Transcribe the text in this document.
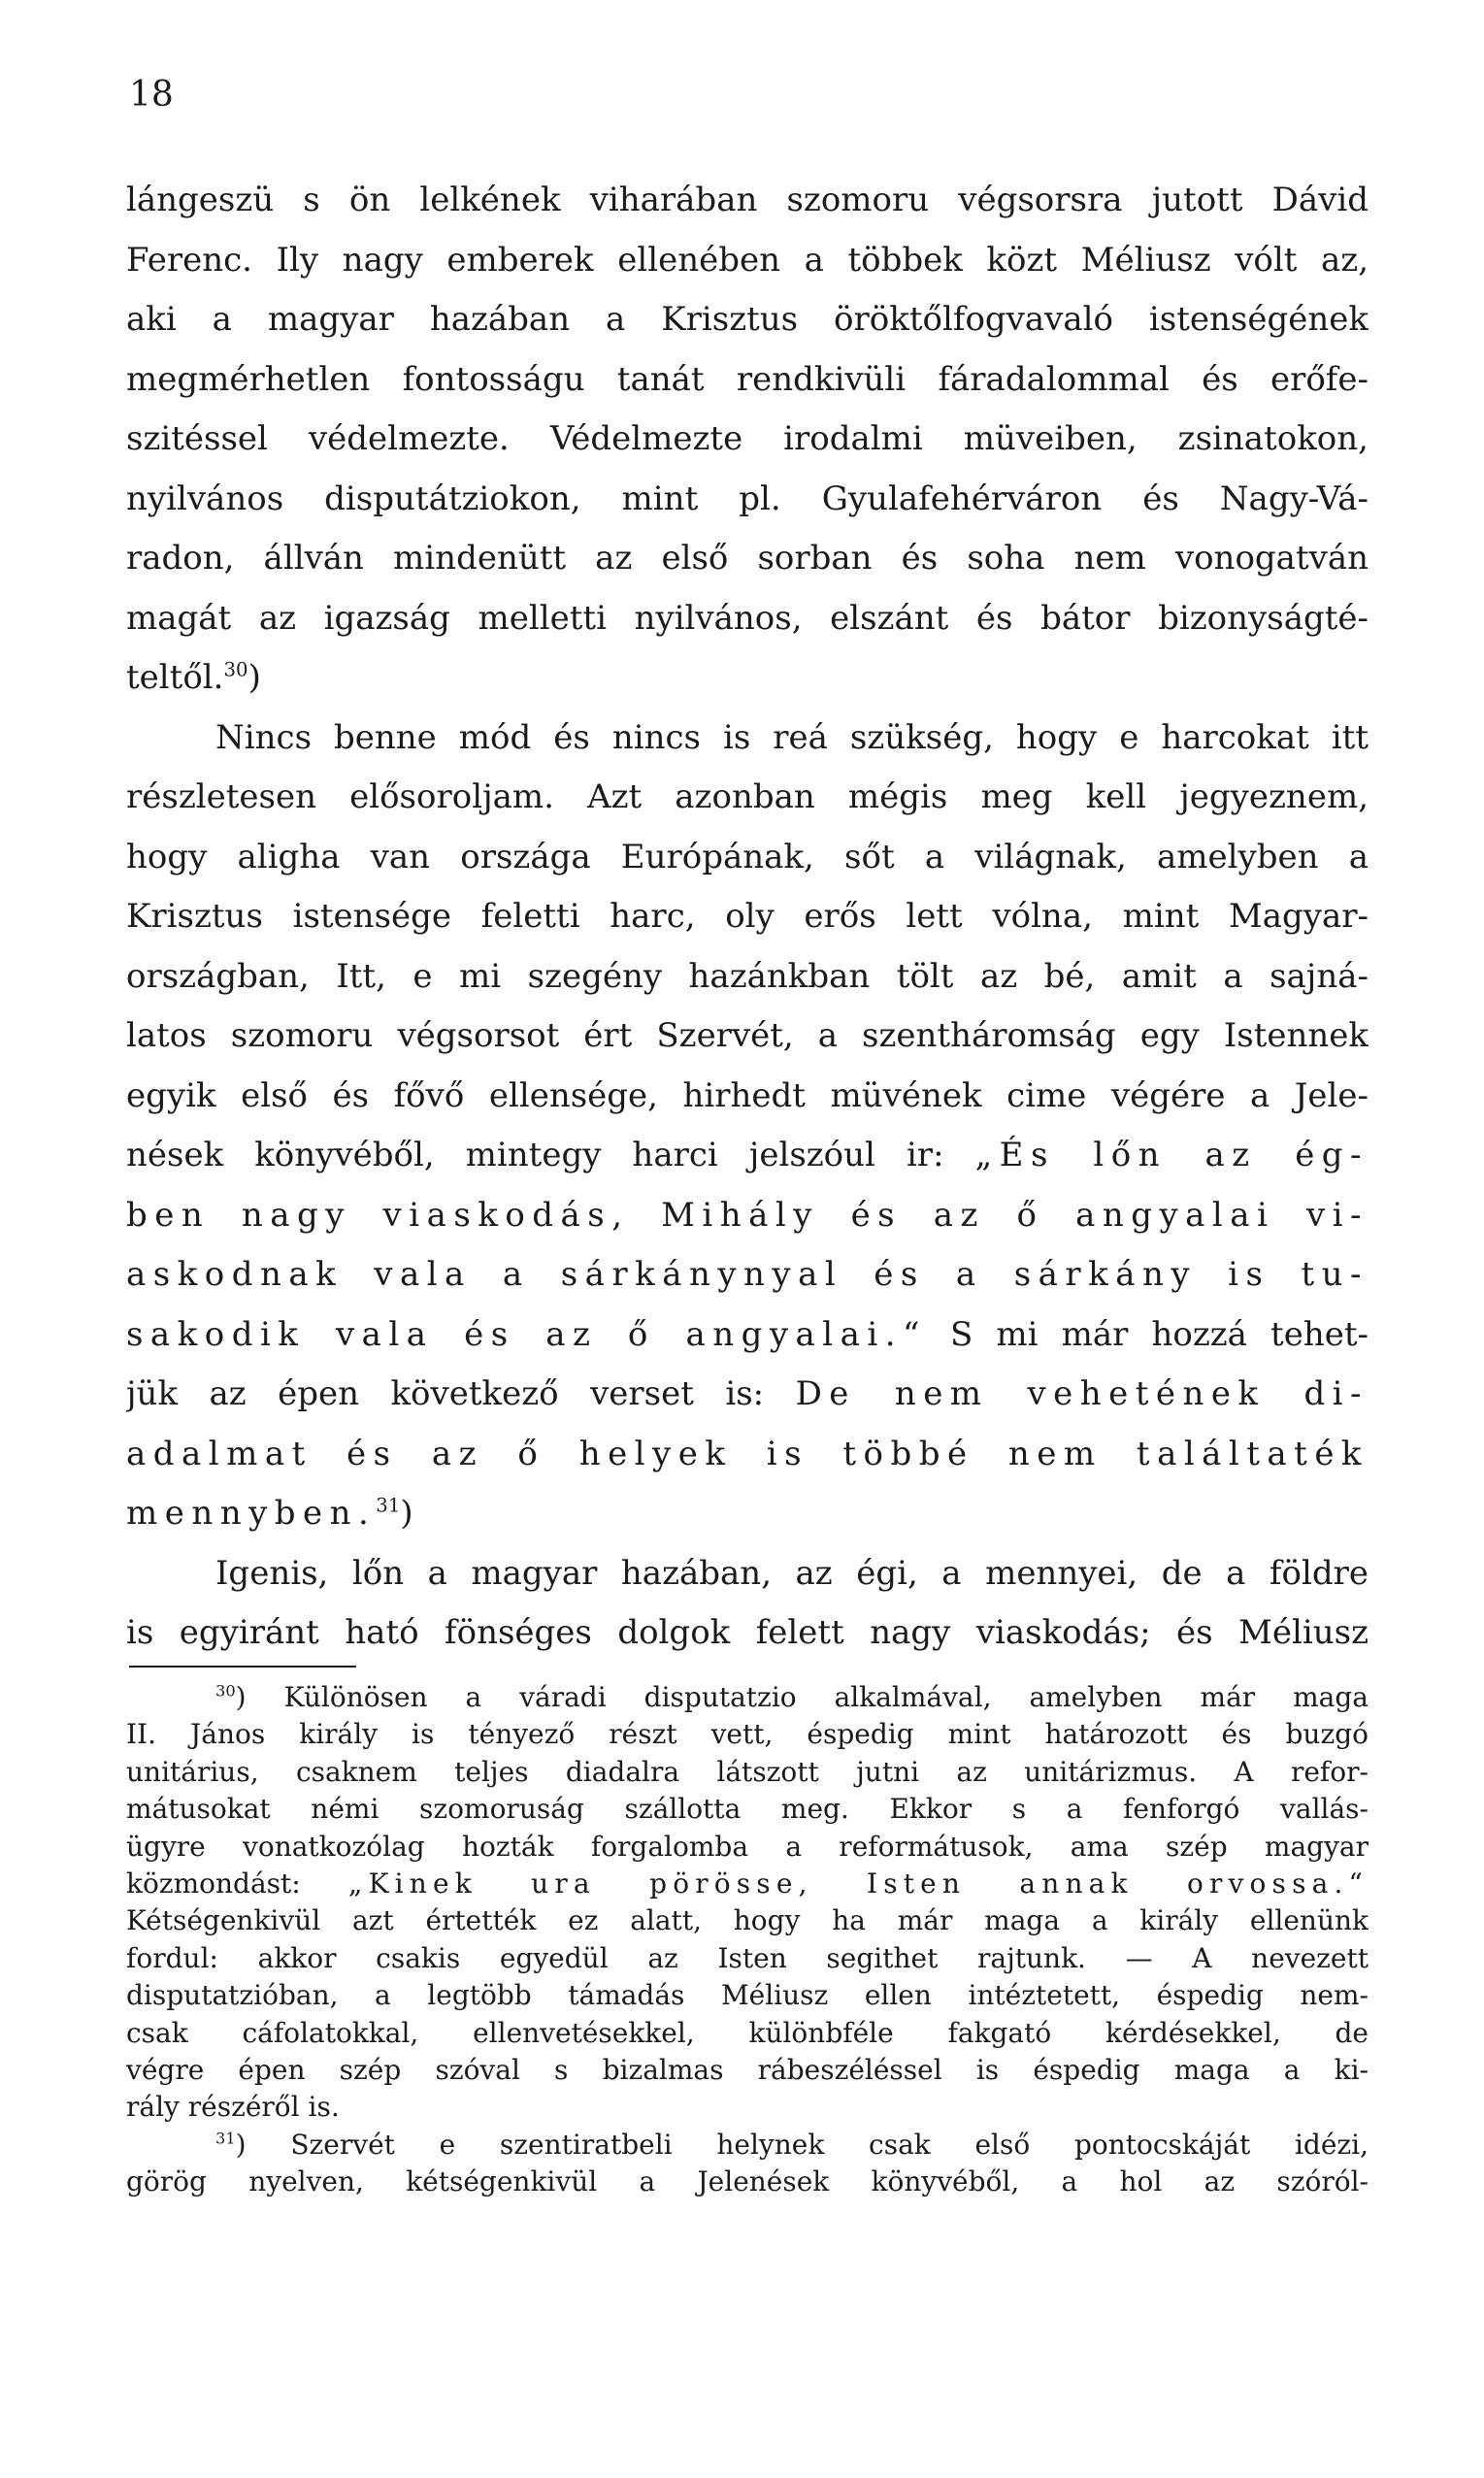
18
lángeszü s ön lelkének viharában szomoru végsorsra jutott Dávid
Ferenc. Ily nagy emberek ellenében a többek közt Méliusz vólt az,
aki a magyar hazában a Krisztus öröktőlfogvavaló istenségének
megmérhetlen fontosságu tanát rendkivüli fáradalommal és erőfe-
szitéssel védelmezte. Védelmezte irodalmi müveiben, zsinatokon,
nyilvános disputátziokon, mint pl. Gyulafehérváron és Nagy-Vá-
radon, állván mindenütt az első sorban és soha nem vonogatván
magát az igazság melletti nyilvános, elszánt és bátor bizonyságté-
teltől.$^{30}$)
Nincs benne mód és nincs is reá szükség, hogy e harcokat itt
részletesen elősoroljam. Azt azonban mégis meg kell jegyeznem,
hogy aligha van országa Európának, sőt a világnak, amelyben a
Krisztus istensége feletti harc, oly erős lett vólna, mint Magyar-
országban, Itt, e mi szegény hazánkban tölt az bé, amit a sajná-
latos szomoru végsorsot ért Szervét, a szentháromság egy Istennek
egyik első és fővő ellensége, hirhedt müvének cime végére a Jele-
nések könyvéből, mintegy harci jelszóul ir: „És lőn az ég-
ben nagy viaskodás, Mihály és az ő angyalai vi-
askodnak vala a sárkánynyal és a sárkány is tu-
sakodik vala és az ő angyalai.“ S mi már hozzá tehet-
jük az épen következő verset is: De nem vehetének di-
adalmat és az ő helyek is többé nem találtaték
mennyben.$^{31}$)
Igenis, lőn a magyar hazában, az égi, a mennyei, de a földre
is egyiránt ható fönséges dolgok felett nagy viaskodás; és Méliusz
$^{30}$) Különösen a váradi disputatzio alkalmával, amelyben már maga
II. János király is tényező részt vett, éspedig mint határozott és buzgó
unitárius, csaknem teljes diadalra látszott jutni az unitárizmus. A refor-
mátusokat némi szomoruság szállotta meg. Ekkor s a fenforgó vallás-
ügyre vonatkozólag hozták forgalomba a reformátusok, ama szép magyar
közmondást: „Kinek ura pörösse, Isten annak orvossa.“
Kétségenkivül azt értették ez alatt, hogy ha már maga a király ellenünk
fordul: akkor csakis egyedül az Isten segithet rajtunk. — A nevezett
disputatzióban, a legtöbb támadás Méliusz ellen intéztetett, éspedig nem-
csak cáfolatokkal, ellenvetésekkel, különbféle fakgató kérdésekkel, de
végre épen szép szóval s bizalmas rábeszéléssel is éspedig maga a ki-
rály részéről is.
$^{31}$) Szervét e szentiratbeli helynek csak első pontocskáját idézi,
görög nyelven, kétségenkivül a Jelenések könyvéből, a hol az szóról-
